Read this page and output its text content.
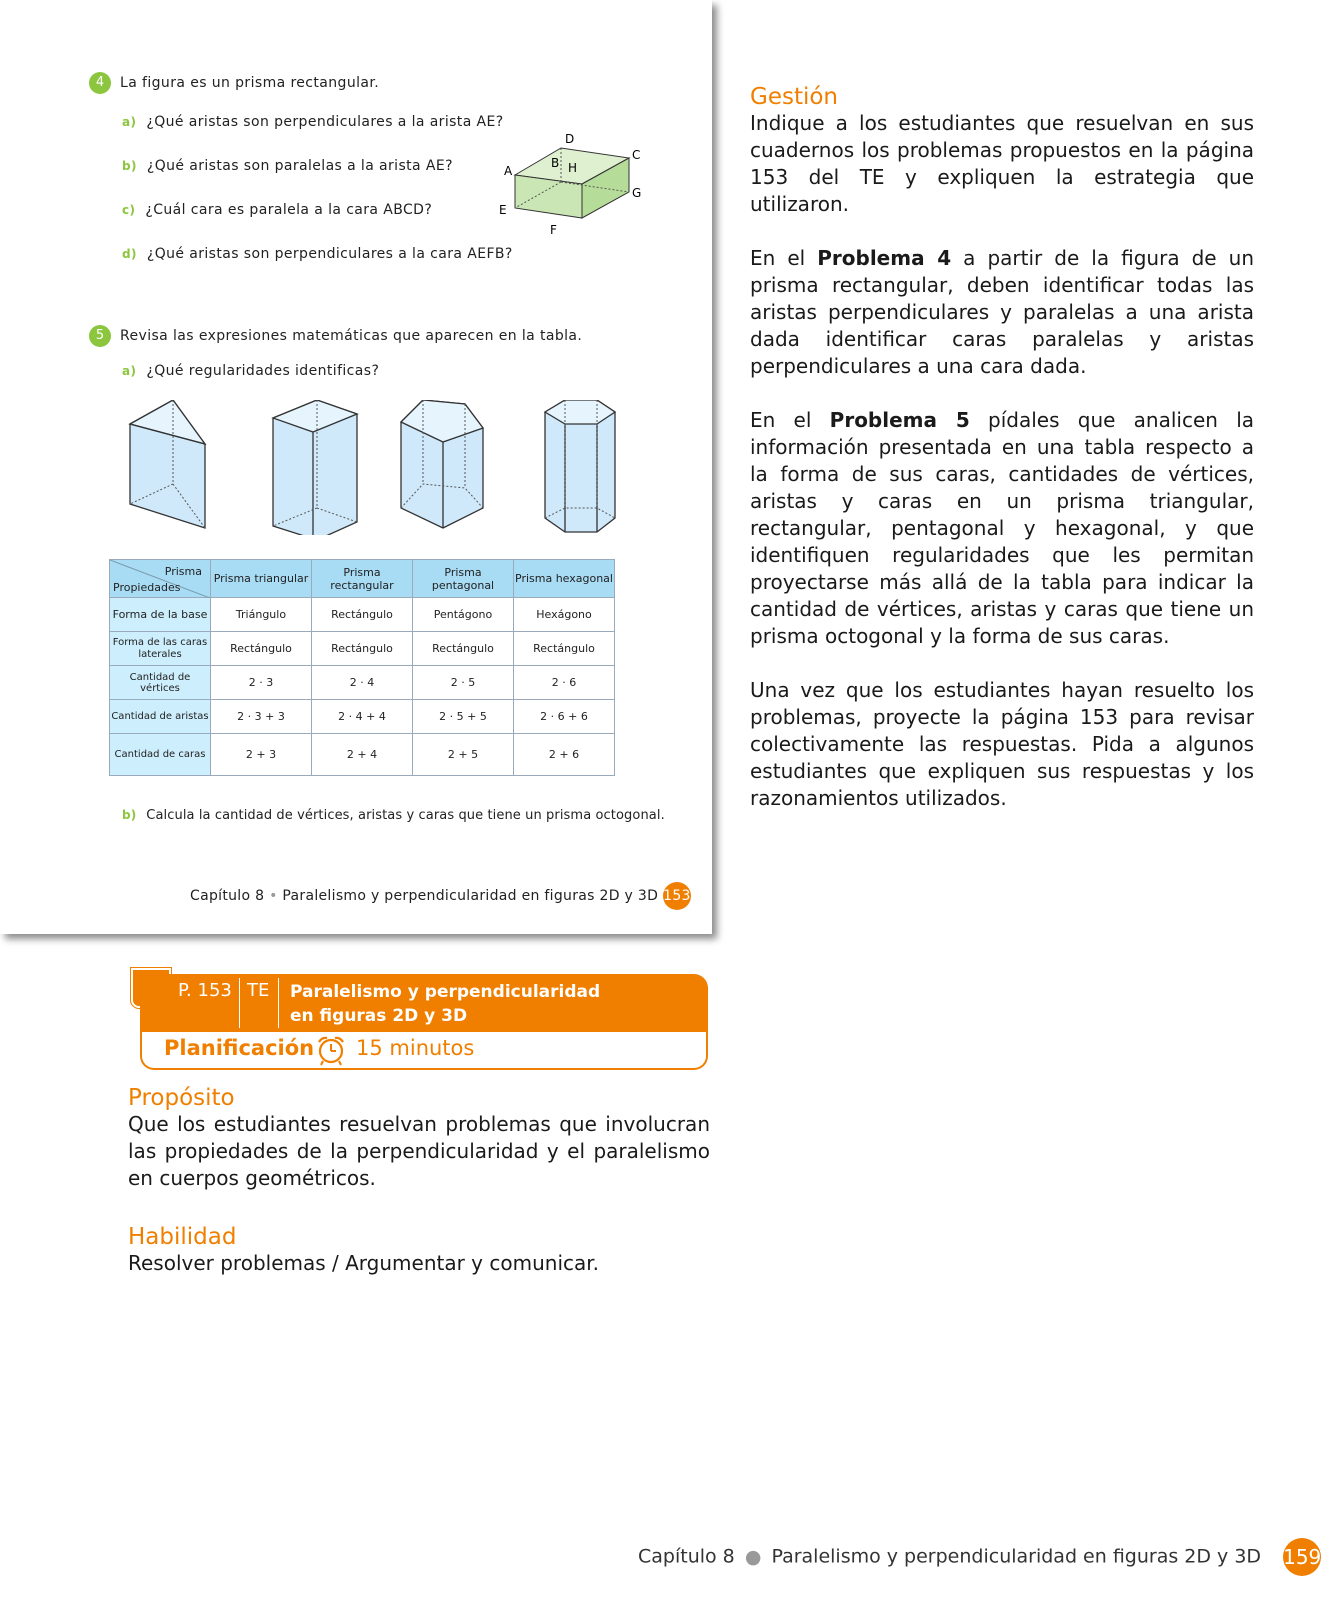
4	La figura es un prisma rectangular.
a) ¿Qué aristas son perpendiculares a la arista AE?
b) ¿Qué aristas son paralelas a la arista AE?
c) ¿Cuál cara es paralela a la cara ABCD?
d) ¿Qué aristas son perpendiculares a la cara AEFB?
A
B
C
D
E
F
G
H
5	Revisa las expresiones matemáticas que aparecen en la tabla.
a) ¿Qué regularidades identificas?
Prisma
Propiedades	Prisma triangular	Prisma rectangular	Prisma pentagonal	Prisma hexagonal
Forma de la base	Triángulo	Rectángulo	Pentágono	Hexágono
Forma de las caras laterales	Rectángulo	Rectángulo	Rectángulo	Rectángulo
Cantidad de vértices	2 · 3	2 · 4	2 · 5	2 · 6
Cantidad de aristas	2 · 3 + 3	2 · 4 + 4	2 · 5 + 5	2 · 6 + 6
Cantidad de caras	2 + 3	2 + 4	2 + 5	2 + 6
b) Calcula la cantidad de vértices, aristas y caras que tiene un prisma octogonal.
Capítulo 8 • Paralelismo y perpendicularidad en figuras 2D y 3D 153
P. 153 TE Paralelismo y perpendicularidad
en figuras 2D y 3D
Planificación 15 minutos
Propósito
Que los estudiantes resuelvan problemas que involucran las propiedades de la perpendicularidad y el paralelismo en cuerpos geométricos.
Habilidad
Resolver problemas / Argumentar y comunicar.
Gestión
Indique a los estudiantes que resuelvan en sus cuadernos los problemas propuestos en la página 153 del TE y expliquen la estrategia que utilizaron.
En el Problema 4 a partir de la figura de un prisma rectangular, deben identificar todas las aristas perpendiculares y paralelas a una arista dada identificar caras paralelas y aristas perpendiculares a una cara dada.
En el Problema 5 pídales que analicen la información presentada en una tabla respecto a la forma de sus caras, cantidades de vértices, aristas y caras en un prisma triangular, rectangular, pentagonal y hexagonal, y que identifiquen regularidades que les permitan proyectarse más allá de la tabla para indicar la cantidad de vértices, aristas y caras que tiene un prisma octogonal y la forma de sus caras.
Una vez que los estudiantes hayan resuelto los problemas, proyecte la página 153 para revisar colectivamente las respuestas. Pida a algunos estudiantes que expliquen sus respuestas y los razonamientos utilizados.
Capítulo 8 ● Paralelismo y perpendicularidad en figuras 2D y 3D 159
